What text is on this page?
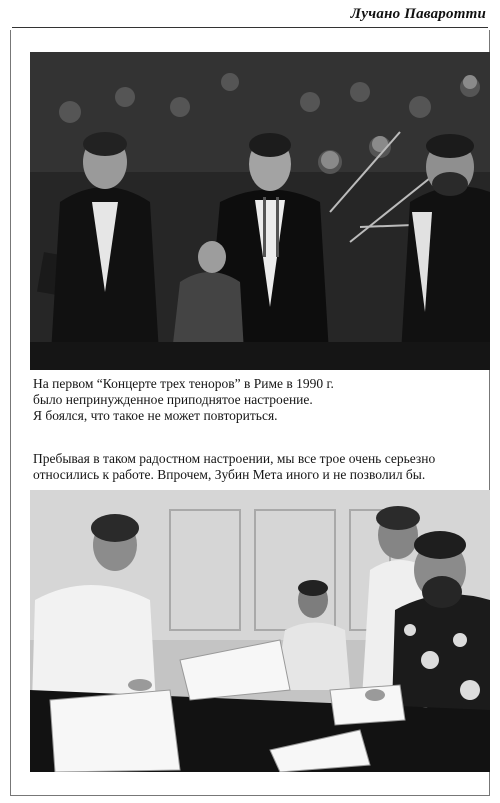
Лучано Паваротти

На первом “Концерте трех теноров” в Риме в 1990 г.

было непринужденное приподнятое настроение.

Я боялся, что такое не может повториться.

Пребывая в таком радостном настроении, мы все трое очень серьезно

относились к работе. Впрочем, Зубин Мета иного и не позволил бы.
